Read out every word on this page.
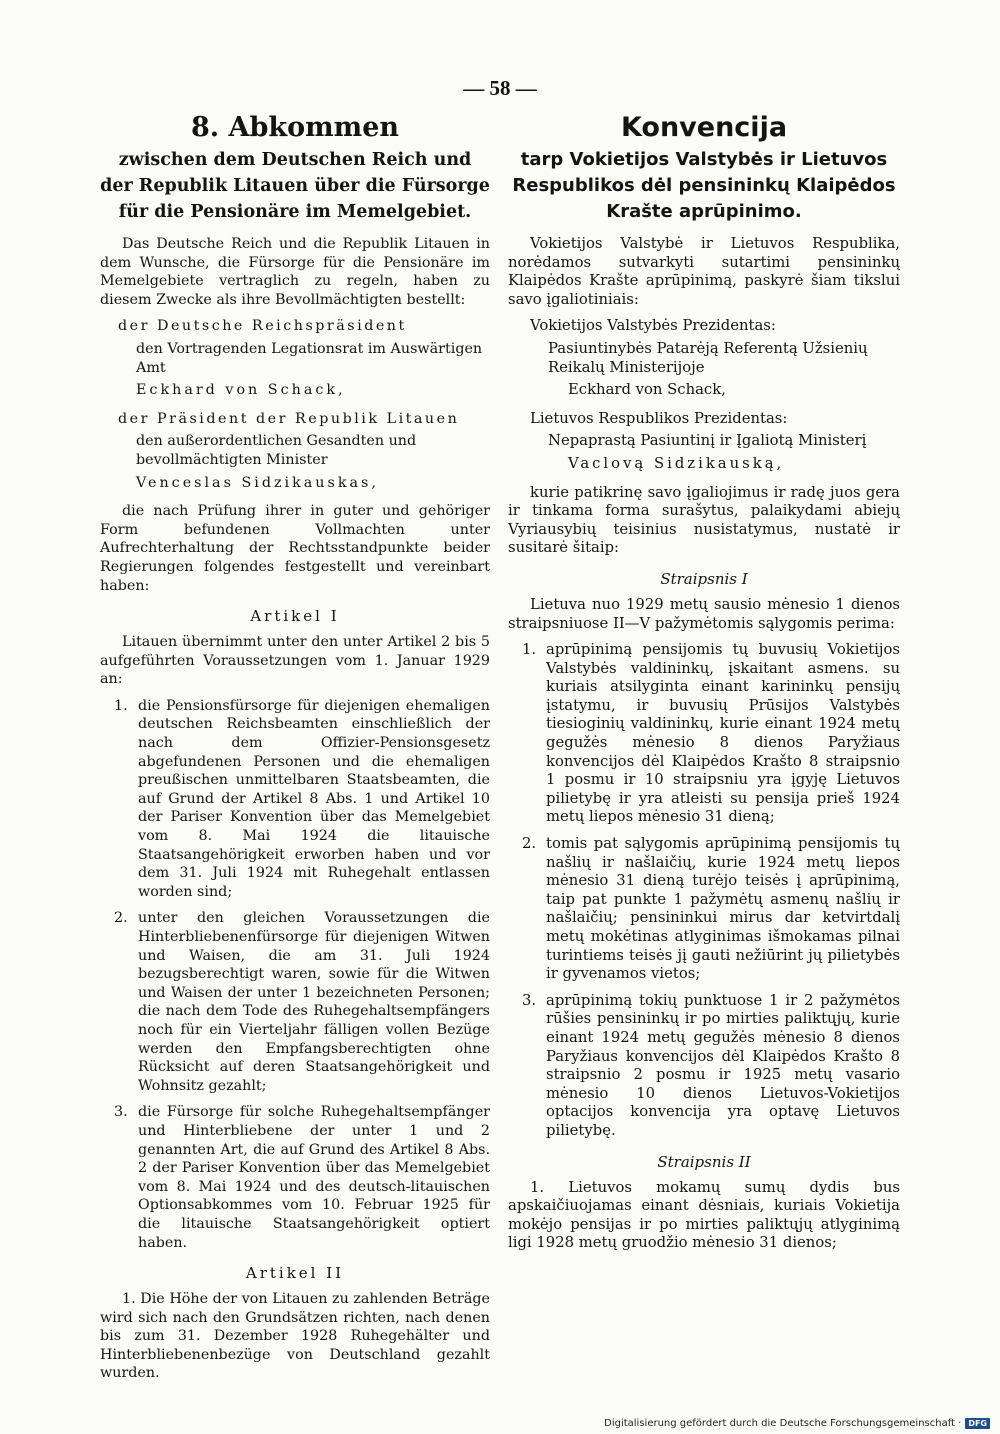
— 58 —
8. Abkommen
zwischen dem Deutschen Reich und der Republik Litauen über die Fürsorge für die Pensionäre im Memelgebiet.

Das Deutsche Reich und die Republik Litauen in dem Wunsche, die Fürsorge für die Pensionäre im Memelgebiete vertraglich zu regeln, haben zu diesem Zwecke als ihre Bevollmächtigten bestellt:

der Deutsche Reichspräsident
den Vortragenden Legationsrat im Auswärtigen Amt
Eckhard von Schack,
der Präsident der Republik Litauen
den außerordentlichen Gesandten und bevollmächtigten Minister
Venceslas Sidzikauskas,

die nach Prüfung ihrer in guter und gehöriger Form befundenen Vollmachten unter Aufrechterhaltung der Rechtsstandpunkte beider Regierungen folgendes festgestellt und vereinbart haben:

Artikel I

Litauen übernimmt unter den unter Artikel 2 bis 5 aufgeführten Voraussetzungen vom 1. Januar 1929 an:

1. die Pensionsfürsorge für diejenigen ehemaligen deutschen Reichsbeamten einschließlich der nach dem Offizier-Pensionsgesetz abgefundenen Personen und die ehemaligen preußischen unmittelbaren Staatsbeamten, die auf Grund der Artikel 8 Abs. 1 und Artikel 10 der Pariser Konvention über das Memelgebiet vom 8. Mai 1924 die litauische Staatsangehörigkeit erworben haben und vor dem 31. Juli 1924 mit Ruhegehalt entlassen worden sind;
2. unter den gleichen Voraussetzungen die Hinterbliebenenfürsorge für diejenigen Witwen und Waisen, die am 31. Juli 1924 bezugsberechtigt waren, sowie für die Witwen und Waisen der unter 1 bezeichneten Personen; die nach dem Tode des Ruhegehaltsempfängers noch für ein Vierteljahr fälligen vollen Bezüge werden den Empfangsberechtigten ohne Rücksicht auf deren Staatsangehörigkeit und Wohnsitz gezahlt;
3. die Fürsorge für solche Ruhegehaltsempfänger und Hinterbliebene der unter 1 und 2 genannten Art, die auf Grund des Artikel 8 Abs. 2 der Pariser Konvention über das Memelgebiet vom 8. Mai 1924 und des deutsch-litauischen Optionsabkommes vom 10. Februar 1925 für die litauische Staatsangehörigkeit optiert haben.
Artikel II

1. Die Höhe der von Litauen zu zahlenden Beträge wird sich nach den Grundsätzen richten, nach denen bis zum 31. Dezember 1928 Ruhegehälter und Hinterbliebenenbezüge von Deutschland gezahlt wurden.

Konvencija
tarp Vokietijos Valstybės ir Lietuvos Respublikos dėl pensininkų Klaipėdos Krašte aprūpinimo.

Vokietijos Valstybė ir Lietuvos Respublika, norėdamos sutvarkyti sutartimi pensininkų Klaipėdos Krašte aprūpinimą, paskyrė šiam tikslui savo įgaliotiniais:

Vokietijos Valstybės Prezidentas:
Pasiuntinybės Patarėją Referentą Užsienių Reikalų Ministerijoje
Eckhard von Schack,
Lietuvos Respublikos Prezidentas:
Nepaprastą Pasiuntinį ir Įgaliotą Ministerį
Vaclovą Sidzikauską,

kurie patikrinę savo įgaliojimus ir radę juos gera ir tinkama forma surašytus, palaikydami abiejų Vyriausybių teisinius nusistatymus, nustatė ir susitarė šitaip:

Straipsnis I

Lietuva nuo 1929 metų sausio mėnesio 1 dienos straipsniuose II—V pažymėtomis sąlygomis perima:

1. aprūpinimą pensijomis tų buvusių Vokietijos Valstybės valdininkų, įskaitant asmens. su kuriais atsilyginta einant karininkų pensijų įstatymu, ir buvusių Prūsijos Valstybės tiesioginių valdininkų, kurie einant 1924 metų gegužės mėnesio 8 dienos Paryžiaus konvencijos dėl Klaipėdos Krašto 8 straipsnio 1 posmu ir 10 straipsniu yra įgyję Lietuvos pilietybę ir yra atleisti su pensija prieš 1924 metų liepos mėnesio 31 dieną;
2. tomis pat sąlygomis aprūpinimą pensijomis tų našlių ir našlaičių, kurie 1924 metų liepos mėnesio 31 dieną turėjo teisės į aprūpinimą, taip pat punkte 1 pažymėtų asmenų našlių ir našlaičių; pensininkui mirus dar ketvirtdalį metų mokėtinas atlyginimas išmokamas pilnai turintiems teisės jį gauti nežiūrint jų pilietybės ir gyvenamos vietos;
3. aprūpinimą tokių punktuose 1 ir 2 pažymėtos rūšies pensininkų ir po mirties paliktųjų, kurie einant 1924 metų gegužės mėnesio 8 dienos Paryžiaus konvencijos dėl Klaipėdos Krašto 8 straipsnio 2 posmu ir 1925 metų vasario mėnesio 10 dienos Lietuvos-Vokietijos optacijos konvencija yra optavę Lietuvos pilietybę.
Straipsnis II

1. Lietuvos mokamų sumų dydis bus apskaičiuojamas einant dėsniais, kuriais Vokietija mokėjo pensijas ir po mirties paliktųjų atlyginimą ligi 1928 metų gruodžio mėnesio 31 dienos;

Digitalisierung gefördert durch die Deutsche Forschungsgemeinschaft · DFG
